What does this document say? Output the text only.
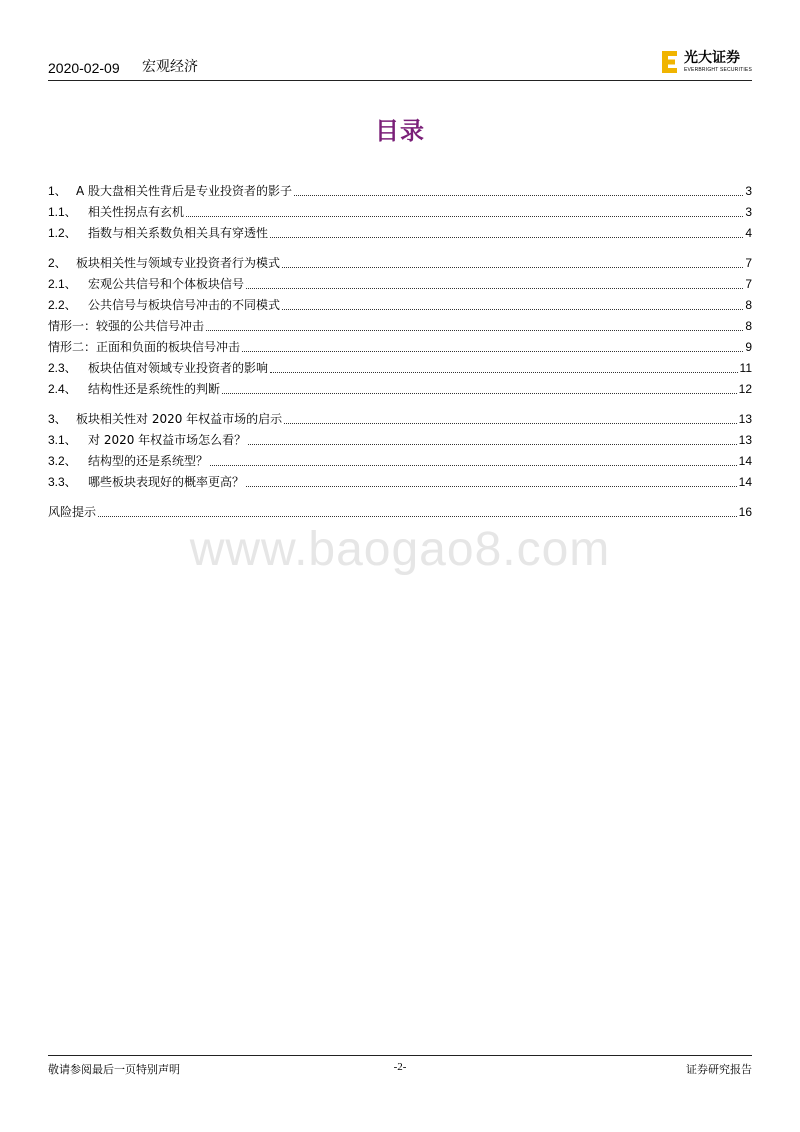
2020-02-09 宏观经济
光大证券
EVERBRIGHT SECURITIES
目录
1、 A 股大盘相关性背后是专业投资者的影子	3
1.1、 相关性拐点有玄机	3
1.2、 指数与相关系数负相关具有穿透性	4
2、 板块相关性与领域专业投资者行为模式	7
2.1、 宏观公共信号和个体板块信号	7
2.2、 公共信号与板块信号冲击的不同模式	8
情形一：较强的公共信号冲击	8
情形二：正面和负面的板块信号冲击	9
2.3、 板块估值对领域专业投资者的影响	11
2.4、 结构性还是系统性的判断	12
3、 板块相关性对 2020 年权益市场的启示	13
3.1、 对 2020 年权益市场怎么看？	13
3.2、 结构型的还是系统型？	14
3.3、 哪些板块表现好的概率更高？	14
风险提示	16
www.baogao8.com
敬请参阅最后一页特别声明	-2-	证券研究报告
